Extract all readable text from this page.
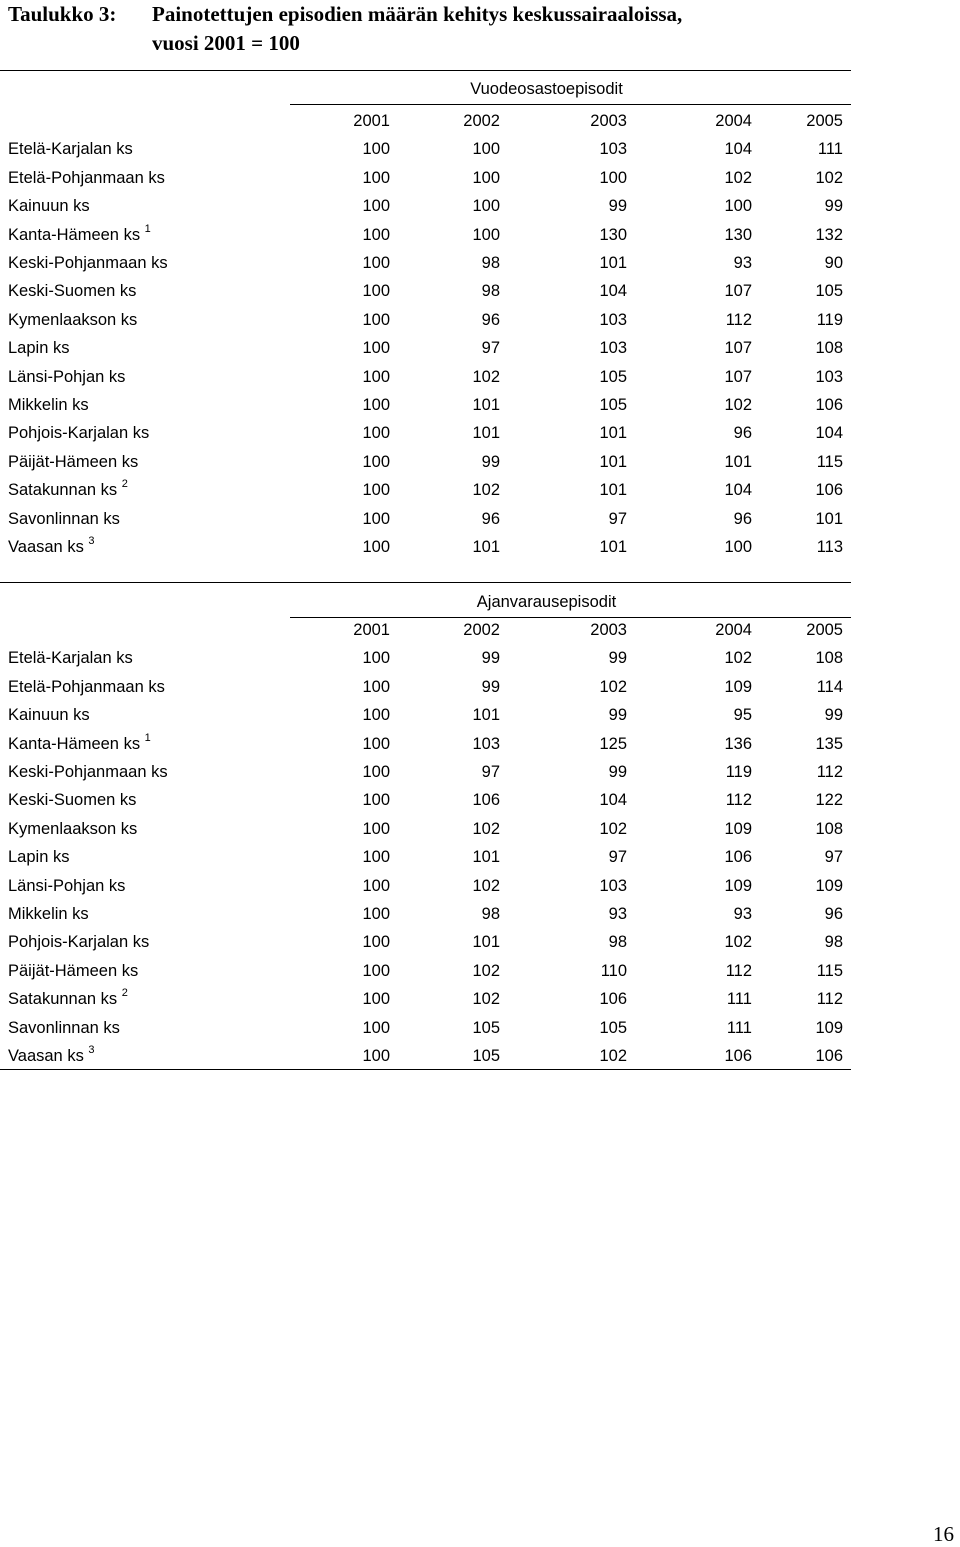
Taulukko 3: Painotettujen episodien määrän kehitys keskussairaaloissa,
vuosi 2001 = 100
Vuodeosastoepisodit
	2001	2002	2003	2004	2005
Etelä-Karjalan ks	100	100	103	104	111
Etelä-Pohjanmaan ks	100	100	100	102	102
Kainuun ks	100	100	99	100	99
Kanta-Hämeen ks $^1$	100	100	130	130	132
Keski-Pohjanmaan ks	100	98	101	93	90
Keski-Suomen ks	100	98	104	107	105
Kymenlaakson ks	100	96	103	112	119
Lapin ks	100	97	103	107	108
Länsi-Pohjan ks	100	102	105	107	103
Mikkelin ks	100	101	105	102	106
Pohjois-Karjalan ks	100	101	101	96	104
Päijät-Hämeen ks	100	99	101	101	115
Satakunnan ks $^2$	100	102	101	104	106
Savonlinnan ks	100	96	97	96	101
Vaasan ks $^3$	100	101	101	100	113
Ajanvarausepisodit
	2001	2002	2003	2004	2005
Etelä-Karjalan ks	100	99	99	102	108
Etelä-Pohjanmaan ks	100	99	102	109	114
Kainuun ks	100	101	99	95	99
Kanta-Hämeen ks $^1$	100	103	125	136	135
Keski-Pohjanmaan ks	100	97	99	119	112
Keski-Suomen ks	100	106	104	112	122
Kymenlaakson ks	100	102	102	109	108
Lapin ks	100	101	97	106	97
Länsi-Pohjan ks	100	102	103	109	109
Mikkelin ks	100	98	93	93	96
Pohjois-Karjalan ks	100	101	98	102	98
Päijät-Hämeen ks	100	102	110	112	115
Satakunnan ks $^2$	100	102	106	111	112
Savonlinnan ks	100	105	105	111	109
Vaasan ks $^3$	100	105	102	106	106
16
